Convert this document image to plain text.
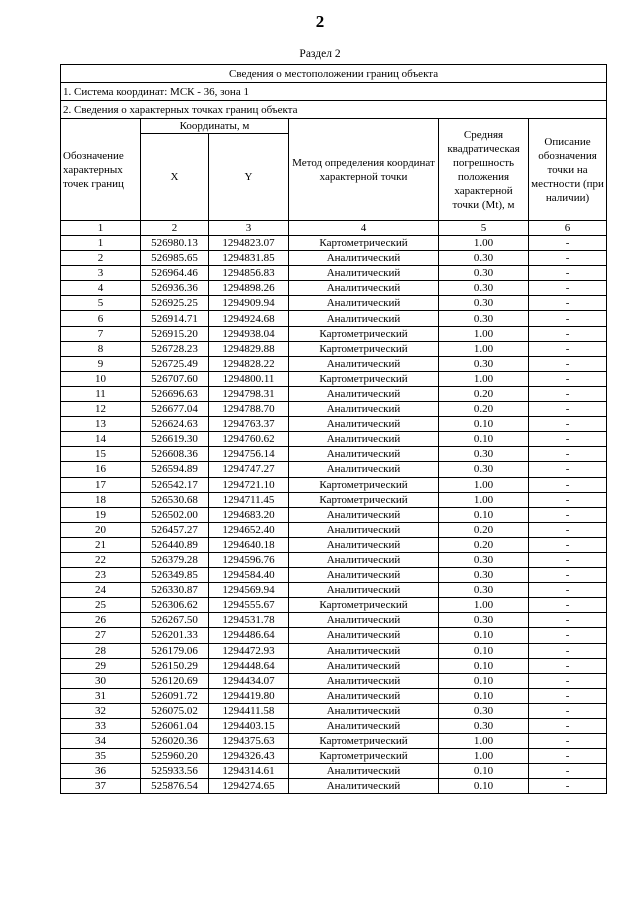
2
Раздел 2
Сведения о местоположении границ объекта					
1. Система координат: МСК - 36, зона 1					
2. Сведения о характерных точках границ объекта					
Обозначение характерных точек границ	Координаты, м		Метод определения координат характерной точки	Средняя квадратическая погрешность положения характерной точки (Mt), м	Описание обозначения точки на местности (при наличии)
	X	Y			
1	2	3	4	5	6
1	526980.13	1294823.07	Картометрический	1.00	-
2	526985.65	1294831.85	Аналитический	0.30	-
3	526964.46	1294856.83	Аналитический	0.30	-
4	526936.36	1294898.26	Аналитический	0.30	-
5	526925.25	1294909.94	Аналитический	0.30	-
6	526914.71	1294924.68	Аналитический	0.30	-
7	526915.20	1294938.04	Картометрический	1.00	-
8	526728.23	1294829.88	Картометрический	1.00	-
9	526725.49	1294828.22	Аналитический	0.30	-
10	526707.60	1294800.11	Картометрический	1.00	-
11	526696.63	1294798.31	Аналитический	0.20	-
12	526677.04	1294788.70	Аналитический	0.20	-
13	526624.63	1294763.37	Аналитический	0.10	-
14	526619.30	1294760.62	Аналитический	0.10	-
15	526608.36	1294756.14	Аналитический	0.30	-
16	526594.89	1294747.27	Аналитический	0.30	-
17	526542.17	1294721.10	Картометрический	1.00	-
18	526530.68	1294711.45	Картометрический	1.00	-
19	526502.00	1294683.20	Аналитический	0.10	-
20	526457.27	1294652.40	Аналитический	0.20	-
21	526440.89	1294640.18	Аналитический	0.20	-
22	526379.28	1294596.76	Аналитический	0.30	-
23	526349.85	1294584.40	Аналитический	0.30	-
24	526330.87	1294569.94	Аналитический	0.30	-
25	526306.62	1294555.67	Картометрический	1.00	-
26	526267.50	1294531.78	Аналитический	0.30	-
27	526201.33	1294486.64	Аналитический	0.10	-
28	526179.06	1294472.93	Аналитический	0.10	-
29	526150.29	1294448.64	Аналитический	0.10	-
30	526120.69	1294434.07	Аналитический	0.10	-
31	526091.72	1294419.80	Аналитический	0.10	-
32	526075.02	1294411.58	Аналитический	0.30	-
33	526061.04	1294403.15	Аналитический	0.30	-
34	526020.36	1294375.63	Картометрический	1.00	-
35	525960.20	1294326.43	Картометрический	1.00	-
36	525933.56	1294314.61	Аналитический	0.10	-
37	525876.54	1294274.65	Аналитический	0.10	-
